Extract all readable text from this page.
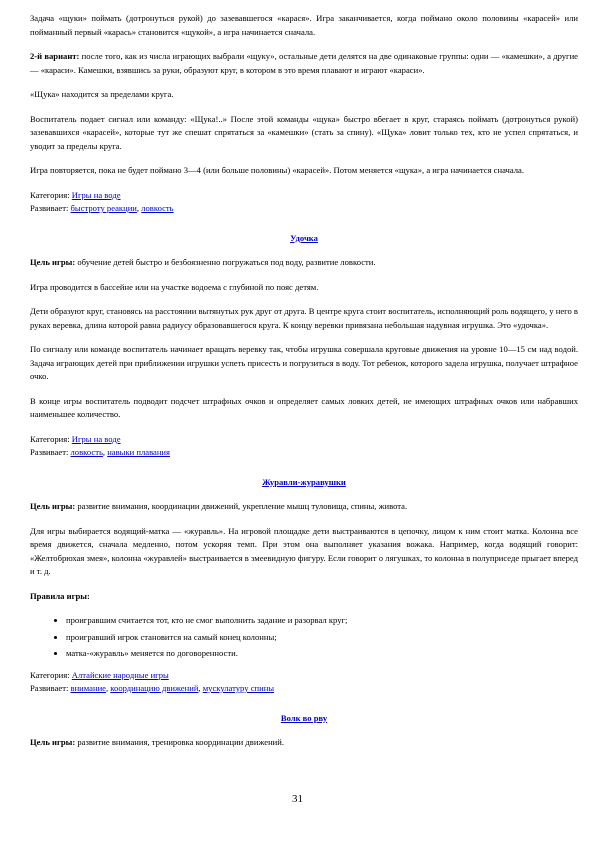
Задача «щуки» поймать (дотронуться рукой) до зазевавшегося «карася». Игра заканчивается, когда поймано около половины «карасей» или пойманный первый «карась» становится «щукой», а игра начинается сначала.

2-й вариант: после того, как из числа играющих выбрали «щуку», остальные дети делятся на две одинаковые группы: одни — «камешки», а другие — «караси». Камешки, взявшись за руки, образуют круг, в котором в это время плавают и играют «караси».

«Щука» находится за пределами круга.

Воспитатель подает сигнал или команду: «Щука!..» После этой команды «щука» быстро вбегает в круг, стараясь поймать (дотронуться рукой) зазевавшихся «карасей», которые тут же спешат спрятаться за «камешки» (стать за спину). «Щука» ловит только тех, кто не успел спрятаться, и уводит за пределы круга.

Игра повторяется, пока не будет поймано 3—4 (или больше половины) «карасей». Потом меняется «щука», а игра начинается сначала.

Категория: Игры на воде
Развивает: быстроту реакции, ловкость
Удочка

Цель игры: обучение детей быстро и безбоязненно погружаться под воду, развитие ловкости.

Игра проводится в бассейне или на участке водоема с глубиной по пояс детям.

Дети образуют круг, становясь на расстоянии вытянутых рук друг от друга. В центре круга стоит воспитатель, исполняющий роль водящего, у него в руках веревка, длина которой равна радиусу образовавшегося круга. К концу веревки привязана небольшая надувная игрушка. Это «удочка».

По сигналу или команде воспитатель начинает вращать веревку так, чтобы игрушка совершала круговые движения на уровне 10—15 см над водой. Задача играющих детей при приближении игрушки успеть присесть и погрузиться в воду. Тот ребенок, которого задела игрушка, получает штрафное очко.

В конце игры воспитатель подводит подсчет штрафных очков и определяет самых ловких детей, не имеющих штрафных очков или набравших наименьшее количество.

Категория: Игры на воде
Развивает: ловкость, навыки плавания
Журавли-журавушки

Цель игры: развитие внимания, координации движений, укрепление мышц туловища, спины, живота.

Для игры выбирается водящий-матка — «журавль». На игровой площадке дети выстраиваются в цепочку, лицом к ним стоит матка. Колонна все время движется, сначала медленно, потом ускоряя темп. При этом она выполняет указания вожака. Например, когда водящий говорит: «Желтобрюхая змея», колонна «журавлей» выстраивается в змеевидную фигуру. Если говорит о лягушках, то колонна в полуприседе прыгает вперед и т. д.

Правила игры:

• проигравшим считается тот, кто не смог выполнить задание и разорвал круг;
• проигравший игрок становится на самый конец колонны;
• матка-«журавль» меняется по договоренности.
Категория: Алтайские народные игры
Развивает: внимание, координацию движений, мускулатуру спины
Волк во рву

Цель игры: развитие внимания, тренировка координации движений.

31
